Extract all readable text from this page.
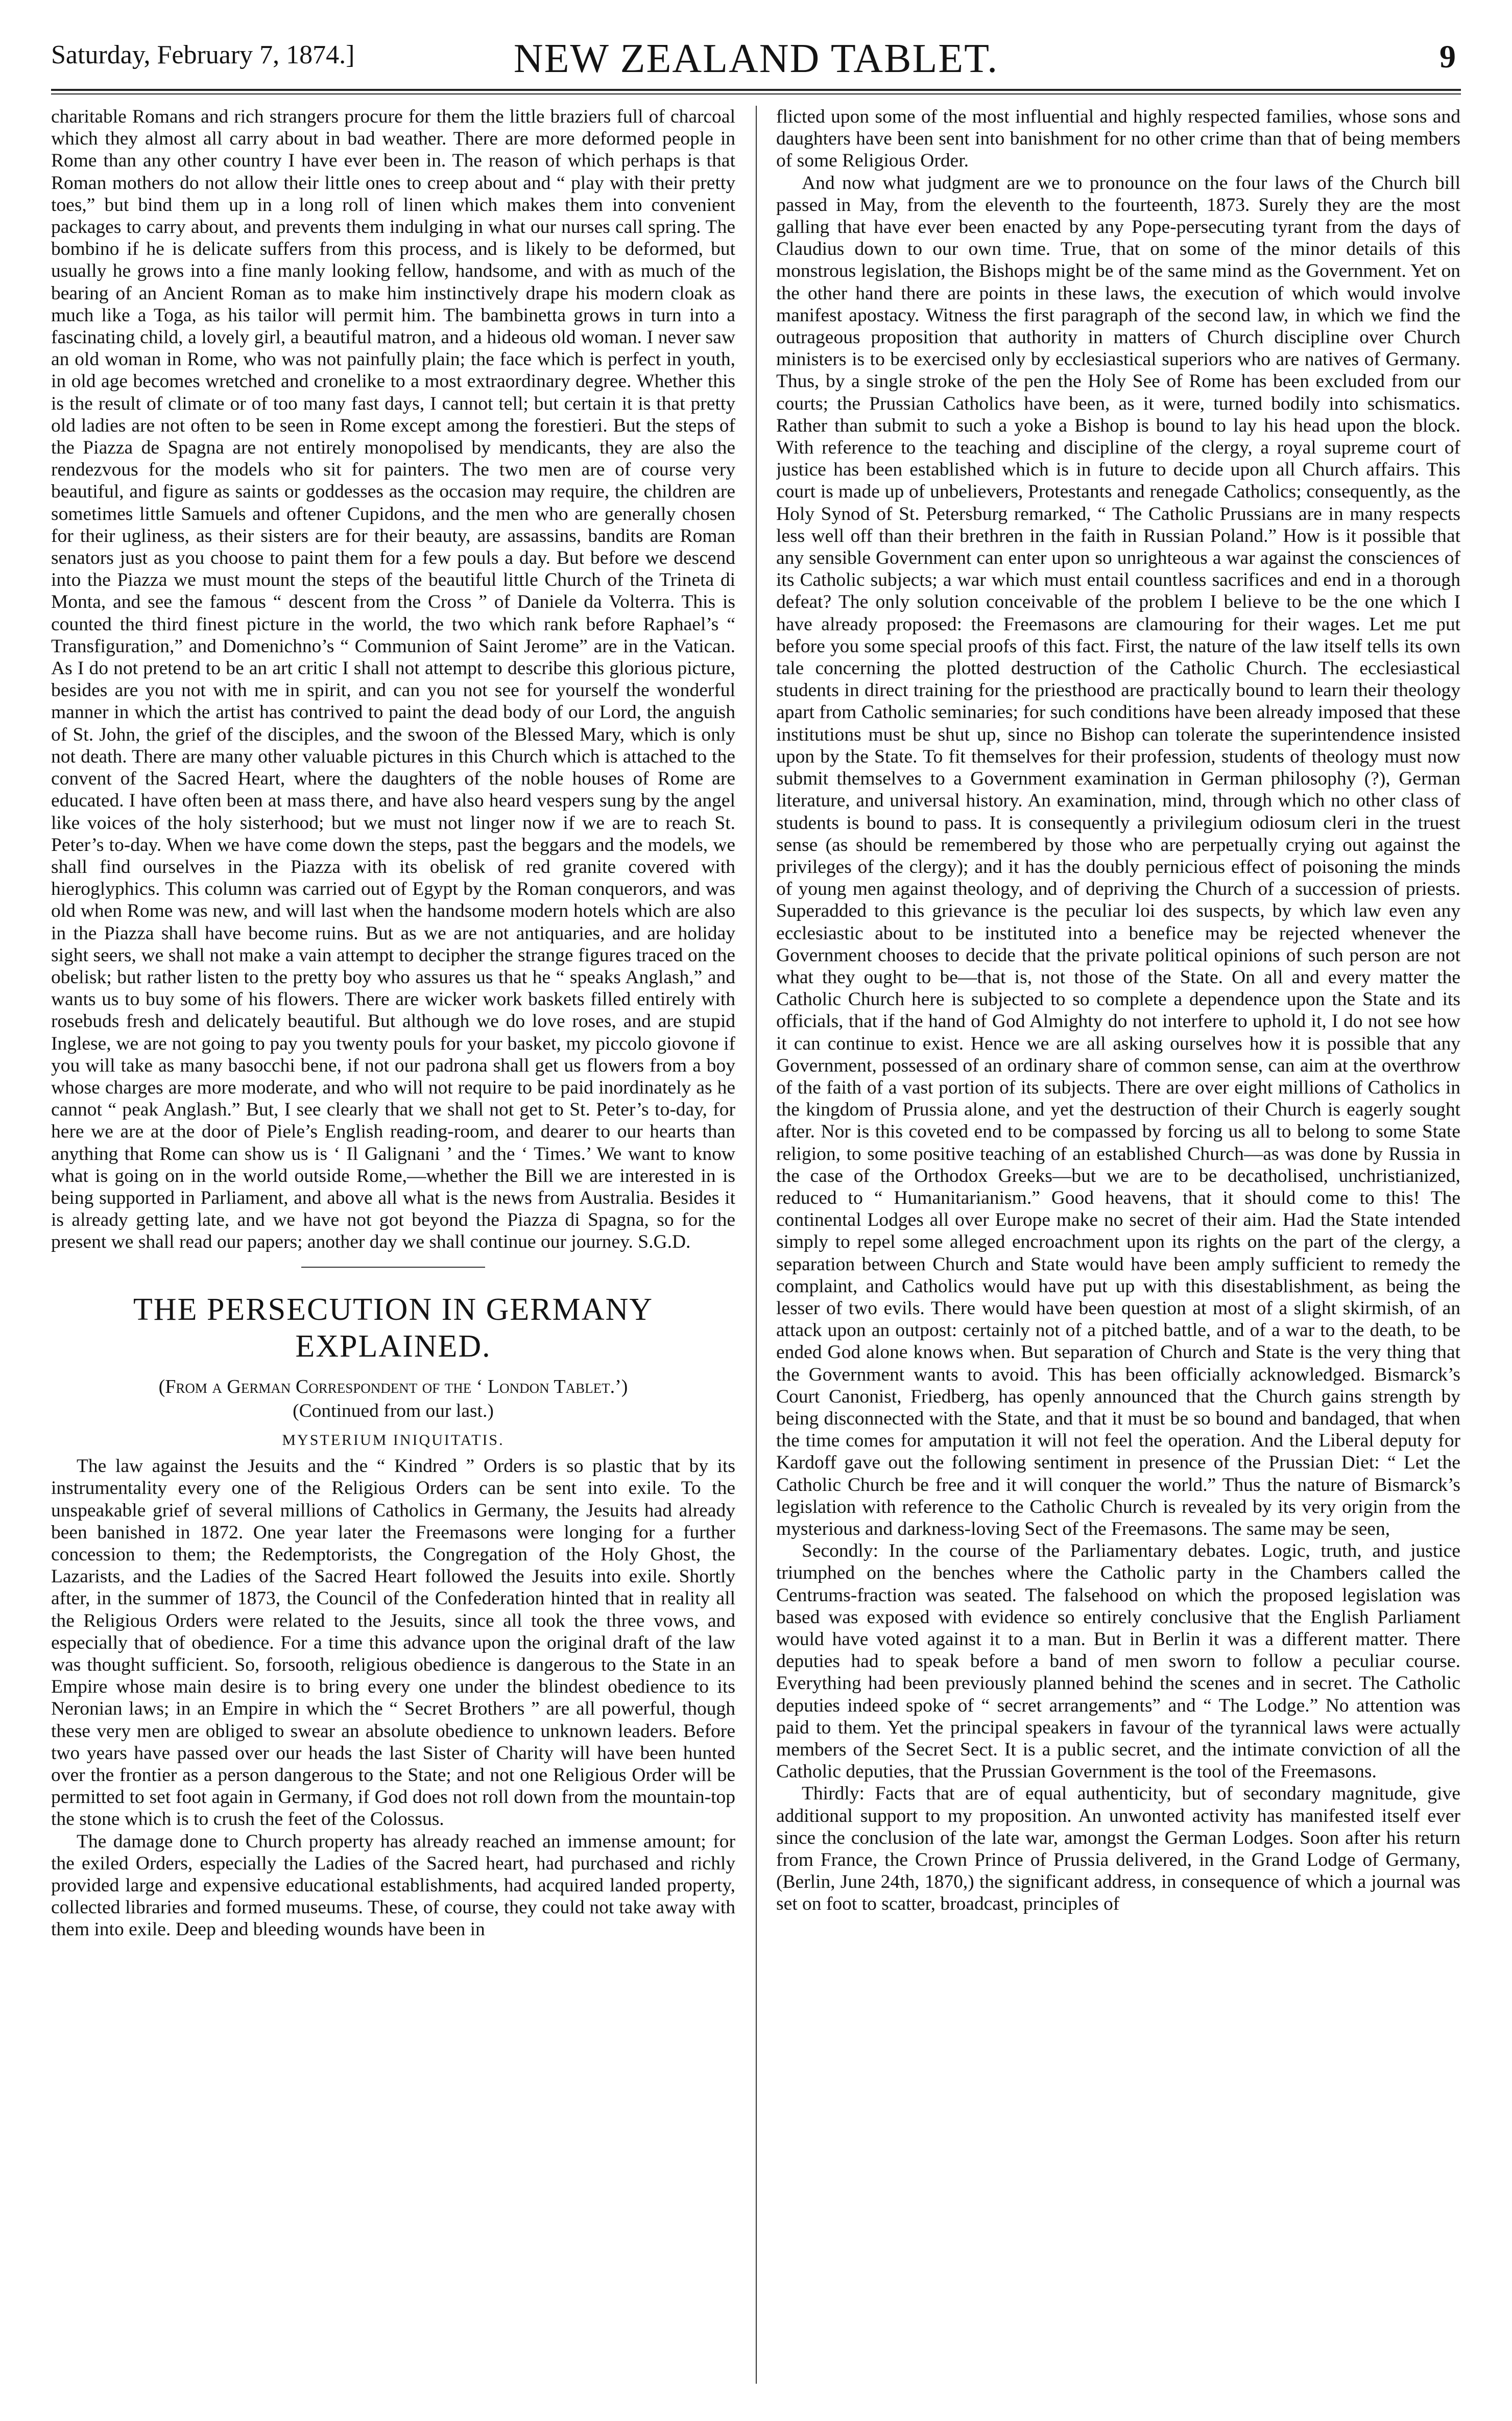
Saturday, February 7, 1874.]	NEW ZEALAND TABLET.	9

charitable Romans and rich strangers procure for them the little braziers full of charcoal which they almost all carry about in bad weather. There are more deformed people in Rome than any other country I have ever been in. The reason of which perhaps is that Roman mothers do not allow their little ones to creep about and “ play with their pretty toes,” but bind them up in a long roll of linen which makes them into convenient packages to carry about, and prevents them indulging in what our nurses call spring. The bombino if he is delicate suffers from this process, and is likely to be deformed, but usually he grows into a fine manly looking fellow, handsome, and with as much of the bearing of an Ancient Roman as to make him instinctively drape his modern cloak as much like a Toga, as his tailor will permit him. The bambinetta grows in turn into a fascinating child, a lovely girl, a beautiful matron, and a hideous old woman. I never saw an old woman in Rome, who was not painfully plain; the face which is perfect in youth, in old age becomes wretched and cronelike to a most extraordinary degree. Whether this is the result of climate or of too many fast days, I cannot tell; but certain it is that pretty old ladies are not often to be seen in Rome except among the forestieri. But the steps of the Piazza de Spagna are not entirely monopolised by mendicants, they are also the rendezvous for the models who sit for painters. The two men are of course very beautiful, and figure as saints or goddesses as the occasion may require, the children are sometimes little Samuels and oftener Cupidons, and the men who are generally chosen for their ugliness, as their sisters are for their beauty, are assassins, bandits are Roman senators just as you choose to paint them for a few pouls a day. But before we descend into the Piazza we must mount the steps of the beautiful little Church of the Trineta di Monta, and see the famous “ descent from the Cross ” of Daniele da Volterra. This is counted the third finest picture in the world, the two which rank before Raphael’s “ Transfiguration,” and Domenichno’s “ Communion of Saint Jerome” are in the Vatican. As I do not pretend to be an art critic I shall not attempt to describe this glorious picture, besides are you not with me in spirit, and can you not see for yourself the wonderful manner in which the artist has contrived to paint the dead body of our Lord, the anguish of St. John, the grief of the disciples, and the swoon of the Blessed Mary, which is only not death. There are many other valuable pictures in this Church which is attached to the convent of the Sacred Heart, where the daughters of the noble houses of Rome are educated. I have often been at mass there, and have also heard vespers sung by the angel like voices of the holy sisterhood; but we must not linger now if we are to reach St. Peter’s to-day. When we have come down the steps, past the beggars and the models, we shall find ourselves in the Piazza with its obelisk of red granite covered with hieroglyphics. This column was carried out of Egypt by the Roman conquerors, and was old when Rome was new, and will last when the handsome modern hotels which are also in the Piazza shall have become ruins. But as we are not antiquaries, and are holiday sight seers, we shall not make a vain attempt to decipher the strange figures traced on the obelisk; but rather listen to the pretty boy who assures us that he “ speaks Anglash,” and wants us to buy some of his flowers. There are wicker work baskets filled entirely with rosebuds fresh and delicately beautiful. But although we do love roses, and are stupid Inglese, we are not going to pay you twenty pouls for your basket, my piccolo giovone if you will take as many basocchi bene, if not our padrona shall get us flowers from a boy whose charges are more moderate, and who will not require to be paid inordinately as he cannot “ peak Anglash.” But, I see clearly that we shall not get to St. Peter’s to-day, for here we are at the door of Piele’s English reading-room, and dearer to our hearts than anything that Rome can show us is ‘ Il Galignani ’ and the ‘ Times.’ We want to know what is going on in the world outside Rome,—whether the Bill we are interested in is being supported in Parliament, and above all what is the news from Australia. Besides it is already getting late, and we have not got beyond the Piazza di Spagna, so for the present we shall read our papers; another day we shall continue our journey. S.G.D.

THE PERSECUTION IN GERMANY EXPLAINED.
(From a German Correspondent of the ‘ London Tablet.’)
(Continued from our last.)
MYSTERIUM INIQUITATIS.

The law against the Jesuits and the “ Kindred ” Orders is so plastic that by its instrumentality every one of the Religious Orders can be sent into exile. To the unspeakable grief of several millions of Catholics in Germany, the Jesuits had already been banished in 1872. One year later the Freemasons were longing for a further concession to them; the Redemptorists, the Congregation of the Holy Ghost, the Lazarists, and the Ladies of the Sacred Heart followed the Jesuits into exile. Shortly after, in the summer of 1873, the Council of the Confederation hinted that in reality all the Religious Orders were related to the Jesuits, since all took the three vows, and especially that of obedience. For a time this advance upon the original draft of the law was thought sufficient. So, forsooth, religious obedience is dangerous to the State in an Empire whose main desire is to bring every one under the blindest obedience to its Neronian laws; in an Empire in which the “ Secret Brothers ” are all powerful, though these very men are obliged to swear an absolute obedience to unknown leaders. Before two years have passed over our heads the last Sister of Charity will have been hunted over the frontier as a person dangerous to the State; and not one Religious Order will be permitted to set foot again in Germany, if God does not roll down from the mountain-top the stone which is to crush the feet of the Colossus.

The damage done to Church property has already reached an immense amount; for the exiled Orders, especially the Ladies of the Sacred heart, had purchased and richly provided large and expensive educational establishments, had acquired landed property, collected libraries and formed museums. These, of course, they could not take away with them into exile. Deep and bleeding wounds have been in

flicted upon some of the most influential and highly respected families, whose sons and daughters have been sent into banishment for no other crime than that of being members of some Religious Order.

And now what judgment are we to pronounce on the four laws of the Church bill passed in May, from the eleventh to the fourteenth, 1873. Surely they are the most galling that have ever been enacted by any Pope-persecuting tyrant from the days of Claudius down to our own time. True, that on some of the minor details of this monstrous legislation, the Bishops might be of the same mind as the Government. Yet on the other hand there are points in these laws, the execution of which would involve manifest apostacy. Witness the first paragraph of the second law, in which we find the outrageous proposition that authority in matters of Church discipline over Church ministers is to be exercised only by ecclesiastical superiors who are natives of Germany. Thus, by a single stroke of the pen the Holy See of Rome has been excluded from our courts; the Prussian Catholics have been, as it were, turned bodily into schismatics. Rather than submit to such a yoke a Bishop is bound to lay his head upon the block. With reference to the teaching and discipline of the clergy, a royal supreme court of justice has been established which is in future to decide upon all Church affairs. This court is made up of unbelievers, Protestants and renegade Catholics; consequently, as the Holy Synod of St. Petersburg remarked, “ The Catholic Prussians are in many respects less well off than their brethren in the faith in Russian Poland.” How is it possible that any sensible Government can enter upon so unrighteous a war against the consciences of its Catholic subjects; a war which must entail countless sacrifices and end in a thorough defeat? The only solution conceivable of the problem I believe to be the one which I have already proposed: the Freemasons are clamouring for their wages. Let me put before you some special proofs of this fact. First, the nature of the law itself tells its own tale concerning the plotted destruction of the Catholic Church. The ecclesiastical students in direct training for the priesthood are practically bound to learn their theology apart from Catholic seminaries; for such conditions have been already imposed that these institutions must be shut up, since no Bishop can tolerate the superintendence insisted upon by the State. To fit themselves for their profession, students of theology must now submit themselves to a Government examination in German philosophy (?), German literature, and universal history. An examination, mind, through which no other class of students is bound to pass. It is consequently a privilegium odiosum cleri in the truest sense (as should be remembered by those who are perpetually crying out against the privileges of the clergy); and it has the doubly pernicious effect of poisoning the minds of young men against theology, and of depriving the Church of a succession of priests. Superadded to this grievance is the peculiar loi des suspects, by which law even any ecclesiastic about to be instituted into a benefice may be rejected whenever the Government chooses to decide that the private political opinions of such person are not what they ought to be—that is, not those of the State. On all and every matter the Catholic Church here is subjected to so complete a dependence upon the State and its officials, that if the hand of God Almighty do not interfere to uphold it, I do not see how it can continue to exist. Hence we are all asking ourselves how it is possible that any Government, possessed of an ordinary share of common sense, can aim at the overthrow of the faith of a vast portion of its subjects. There are over eight millions of Catholics in the kingdom of Prussia alone, and yet the destruction of their Church is eagerly sought after. Nor is this coveted end to be compassed by forcing us all to belong to some State religion, to some positive teaching of an established Church—as was done by Russia in the case of the Orthodox Greeks—but we are to be decatholised, unchristianized, reduced to “ Humanitarianism.” Good heavens, that it should come to this! The continental Lodges all over Europe make no secret of their aim. Had the State intended simply to repel some alleged encroachment upon its rights on the part of the clergy, a separation between Church and State would have been amply sufficient to remedy the complaint, and Catholics would have put up with this disestablishment, as being the lesser of two evils. There would have been question at most of a slight skirmish, of an attack upon an outpost: certainly not of a pitched battle, and of a war to the death, to be ended God alone knows when. But separation of Church and State is the very thing that the Government wants to avoid. This has been officially acknowledged. Bismarck’s Court Canonist, Friedberg, has openly announced that the Church gains strength by being disconnected with the State, and that it must be so bound and bandaged, that when the time comes for amputation it will not feel the operation. And the Liberal deputy for Kardoff gave out the following sentiment in presence of the Prussian Diet: “ Let the Catholic Church be free and it will conquer the world.” Thus the nature of Bismarck’s legislation with reference to the Catholic Church is revealed by its very origin from the mysterious and darkness-loving Sect of the Freemasons. The same may be seen,

Secondly: In the course of the Parliamentary debates. Logic, truth, and justice triumphed on the benches where the Catholic party in the Chambers called the Centrums-fraction was seated. The falsehood on which the proposed legislation was based was exposed with evidence so entirely conclusive that the English Parliament would have voted against it to a man. But in Berlin it was a different matter. There deputies had to speak before a band of men sworn to follow a peculiar course. Everything had been previously planned behind the scenes and in secret. The Catholic deputies indeed spoke of “ secret arrangements” and “ The Lodge.” No attention was paid to them. Yet the principal speakers in favour of the tyrannical laws were actually members of the Secret Sect. It is a public secret, and the intimate conviction of all the Catholic deputies, that the Prussian Government is the tool of the Freemasons.

Thirdly: Facts that are of equal authenticity, but of secondary magnitude, give additional support to my proposition. An unwonted activity has manifested itself ever since the conclusion of the late war, amongst the German Lodges. Soon after his return from France, the Crown Prince of Prussia delivered, in the Grand Lodge of Germany, (Berlin, June 24th, 1870,) the significant address, in consequence of which a journal was set on foot to scatter, broadcast, principles of
